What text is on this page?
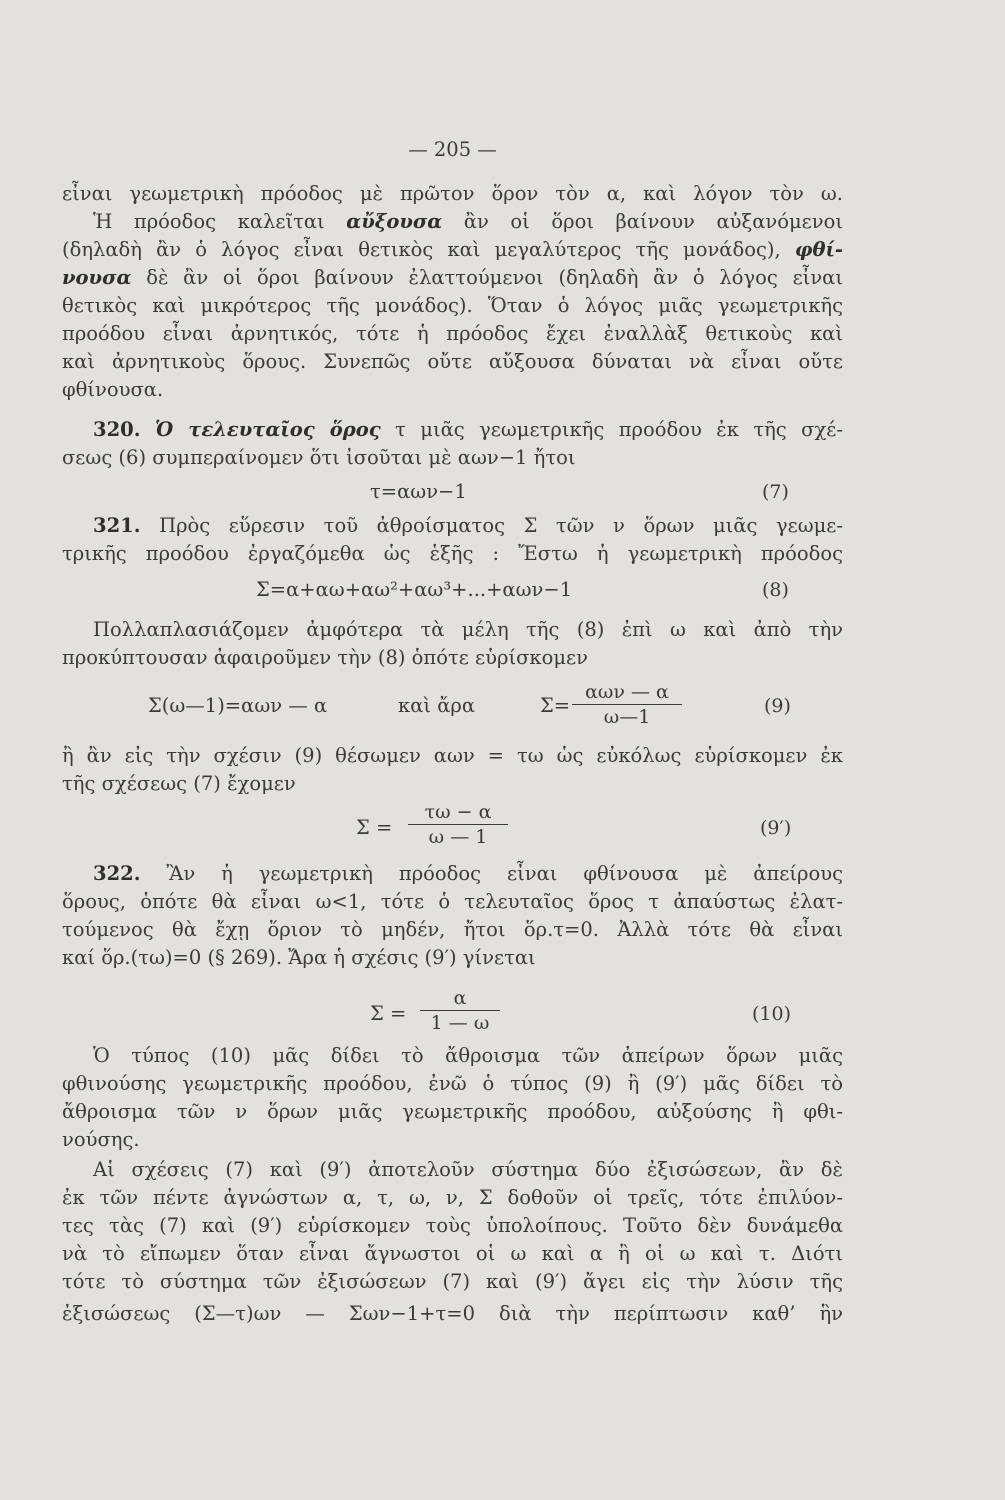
— 205 —
εἶναι γεωμετρικὴ πρόοδος μὲ πρῶτον ὅρον τὸν α, καὶ λόγον τὸν ω.
Ἡ πρόοδος καλεῖται αὔξουσα ἂν οἱ ὅροι βαίνουν αὐξανόμενοι
(δηλαδὴ ἂν ὁ λόγος εἶναι θετικὸς καὶ μεγαλύτερος τῆς μονάδος), φθί-
νουσα δὲ ἂν οἱ ὅροι βαίνουν ἐλαττούμενοι (δηλαδὴ ἂν ὁ λόγος εἶναι
θετικὸς καὶ μικρότερος τῆς μονάδος). Ὅταν ὁ λόγος μιᾶς γεωμετρικῆς
προόδου εἶναι ἀρνητικός, τότε ἡ πρόοδος ἔχει ἐναλλὰξ θετικοὺς καὶ
καὶ ἀρνητικοὺς ὅρους. Συνεπῶς οὔτε αὔξουσα δύναται νὰ εἶναι οὔτε
φθίνουσα.
320. Ὁ τελευταῖος ὅρος τ μιᾶς γεωμετρικῆς προόδου ἐκ τῆς σχέ-
σεως (6) συμπεραίνομεν ὅτι ἰσοῦται μὲ αων−1 ἤτοι
τ=αων−1	(7)
321. Πρὸς εὕρεσιν τοῦ ἀθροίσματος Σ τῶν ν ὅρων μιᾶς γεωμε-
τρικῆς προόδου ἐργαζόμεθα ὡς ἑξῆς : Ἔστω ἡ γεωμετρικὴ πρόοδος
Σ=α+αω+αω²+αω³+...+αων−1	(8)
Πολλαπλασιάζομεν ἀμφότερα τὰ μέλη τῆς (8) ἐπὶ ω καὶ ἀπὸ τὴν
προκύπτουσαν ἀφαιροῦμεν τὴν (8) ὁπότε εὑρίσκομεν
Σ(ω—1)=αων — α	καὶ ἄρα	Σ=
αων — α
ω—1	(9)
ἢ ἂν εἰς τὴν σχέσιν (9) θέσωμεν αων = τω ὡς εὐκόλως εὑρίσκομεν ἐκ
τῆς σχέσεως (7) ἔχομεν
Σ =
τω − α
ω — 1	(9′)
322. Ἂν ἡ γεωμετρικὴ πρόοδος εἶναι φθίνουσα μὲ ἀπείρους
ὅρους, ὁπότε θὰ εἶναι ω<1, τότε ὁ τελευταῖος ὅρος τ ἀπαύστως ἐλατ-
τούμενος θὰ ἔχῃ ὅριον τὸ μηδέν, ἤτοι ὅρ.τ=0. Ἀλλὰ τότε θὰ εἶναι
καί ὅρ.(τω)=0 (§ 269). Ἄρα ἡ σχέσις (9′) γίνεται
Σ =
α
1 — ω	(10)
Ὁ τύπος (10) μᾶς δίδει τὸ ἄθροισμα τῶν ἀπείρων ὅρων μιᾶς
φθινούσης γεωμετρικῆς προόδου, ἐνῶ ὁ τύπος (9) ἢ (9′) μᾶς δίδει τὸ
ἄθροισμα τῶν ν ὅρων μιᾶς γεωμετρικῆς προόδου, αὐξούσης ἢ φθι-
νούσης.
Αἱ σχέσεις (7) καὶ (9′) ἀποτελοῦν σύστημα δύο ἐξισώσεων, ἂν δὲ
ἐκ τῶν πέντε ἀγνώστων α, τ, ω, ν, Σ δοθοῦν οἱ τρεῖς, τότε ἐπιλύον-
τες τὰς (7) καὶ (9′) εὑρίσκομεν τοὺς ὑπολοίπους. Τοῦτο δὲν δυνάμεθα
νὰ τὸ εἴπωμεν ὅταν εἶναι ἄγνωστοι οἱ ω καὶ α ἢ οἱ ω καὶ τ. Διότι
τότε τὸ σύστημα τῶν ἐξισώσεων (7) καὶ (9′) ἄγει εἰς τὴν λύσιν τῆς
ἐξισώσεως (Σ—τ)ων — Σων−1+τ=0 διὰ τὴν περίπτωσιν καθ’ ἣν
